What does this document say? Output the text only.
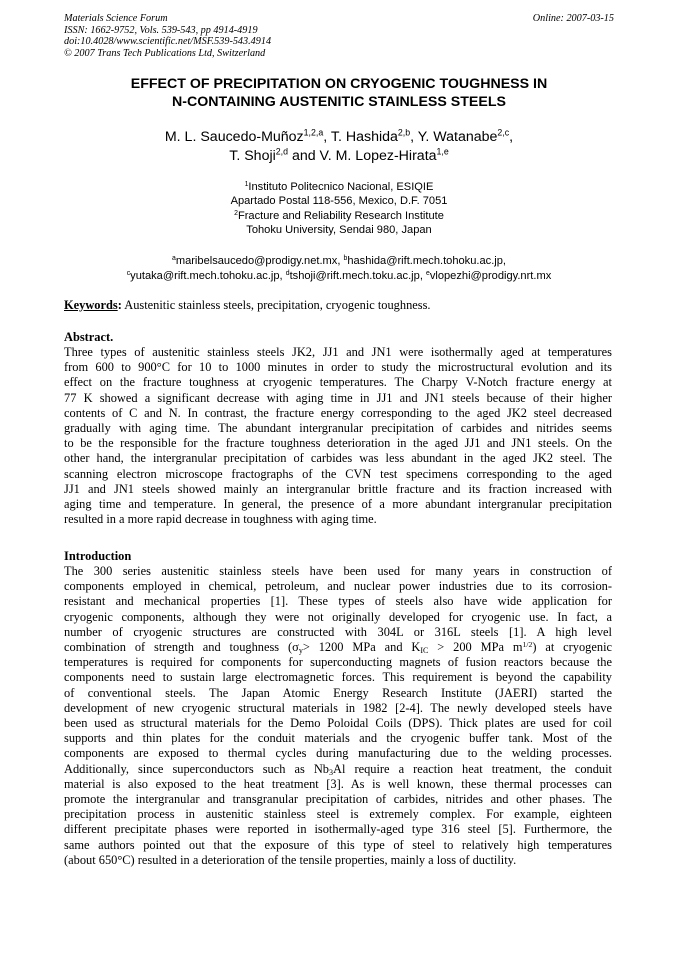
Materials Science Forum
ISSN: 1662-9752, Vols. 539-543, pp 4914-4919
doi:10.4028/www.scientific.net/MSF.539-543.4914
© 2007 Trans Tech Publications Ltd, Switzerland
Online: 2007-03-15
EFFECT OF PRECIPITATION ON CRYOGENIC TOUGHNESS IN
N-CONTAINING AUSTENITIC STAINLESS STEELS
M. L. Saucedo-Muñoz$^{1,2,a}$, T. Hashida$^{2,b}$, Y. Watanabe$^{2,c}$,
T. Shoji$^{2,d}$ and V. M. Lopez-Hirata$^{1,e}$
$^1$Instituto Politecnico Nacional, ESIQIE
Apartado Postal 118-556, Mexico, D.F. 7051
$^2$Fracture and Reliability Research Institute
Tohoku University, Sendai 980, Japan
$^a$maribelsaucedo@prodigy.net.mx, $^b$hashida@rift.mech.tohoku.ac.jp,
$^c$yutaka@rift.mech.tohoku.ac.jp, $^d$tshoji@rift.mech.toku.ac.jp, $^e$vlopezhi@prodigy.nrt.mx
Keywords: Austenitic stainless steels, precipitation, cryogenic toughness.
Abstract.

Three types of austenitic stainless steels JK2, JJ1 and JN1 were isothermally aged at temperatures
from 600 to 900°C for 10 to 1000 minutes in order to study the microstructural evolution and its
effect on the fracture toughness at cryogenic temperatures. The Charpy V-Notch fracture energy at
77 K showed a significant decrease with aging time in JJ1 and JN1 steels because of their higher
contents of C and N. In contrast, the fracture energy corresponding to the aged JK2 steel decreased
gradually with aging time. The abundant intergranular precipitation of carbides and nitrides seems
to be the responsible for the fracture toughness deterioration in the aged JJ1 and JN1 steels. On the
other hand, the intergranular precipitation of carbides was less abundant in the aged JK2 steel. The
scanning electron microscope fractographs of the CVN test specimens corresponding to the aged
JJ1 and JN1 steels showed mainly an intergranular brittle fracture and its fraction increased with
aging time and temperature. In general, the presence of a more abundant intergranular precipitation
resulted in a more rapid decrease in toughness with aging time.

Introduction

The 300 series austenitic stainless steels have been used for many years in construction of
components employed in chemical, petroleum, and nuclear power industries due to its corrosion-
resistant and mechanical properties [1]. These types of steels also have wide application for
cryogenic components, although they were not originally developed for cryogenic use. In fact, a
number of cryogenic structures are constructed with 304L or 316L steels [1]. A high level
combination of strength and toughness ($\sigma_y> 1200$ MPa and $K_{IC} > 200$ MPa $m^{1/2}$) at cryogenic
temperatures is required for components for superconducting magnets of fusion reactors because the
components need to sustain large electromagnetic forces. This requirement is beyond the capability
of conventional steels. The Japan Atomic Energy Research Institute (JAERI) started the
development of new cryogenic structural materials in 1982 [2-4]. The newly developed steels have
been used as structural materials for the Demo Poloidal Coils (DPS). Thick plates are used for coil
supports and thin plates for the conduit materials and the cryogenic buffer tank. Most of the
components are exposed to thermal cycles during manufacturing due to the welding processes.
Additionally, since superconductors such as $Nb_3Al$ require a reaction heat treatment, the conduit
material is also exposed to the heat treatment [3]. As is well known, these thermal processes can
promote the intergranular and transgranular precipitation of carbides, nitrides and other phases. The
precipitation process in austenitic stainless steel is extremely complex. For example, eighteen
different precipitate phases were reported in isothermally-aged type 316 steel [5]. Furthermore, the
same authors pointed out that the exposure of this type of steel to relatively high temperatures
(about 650°C) resulted in a deterioration of the tensile properties, mainly a loss of ductility.
